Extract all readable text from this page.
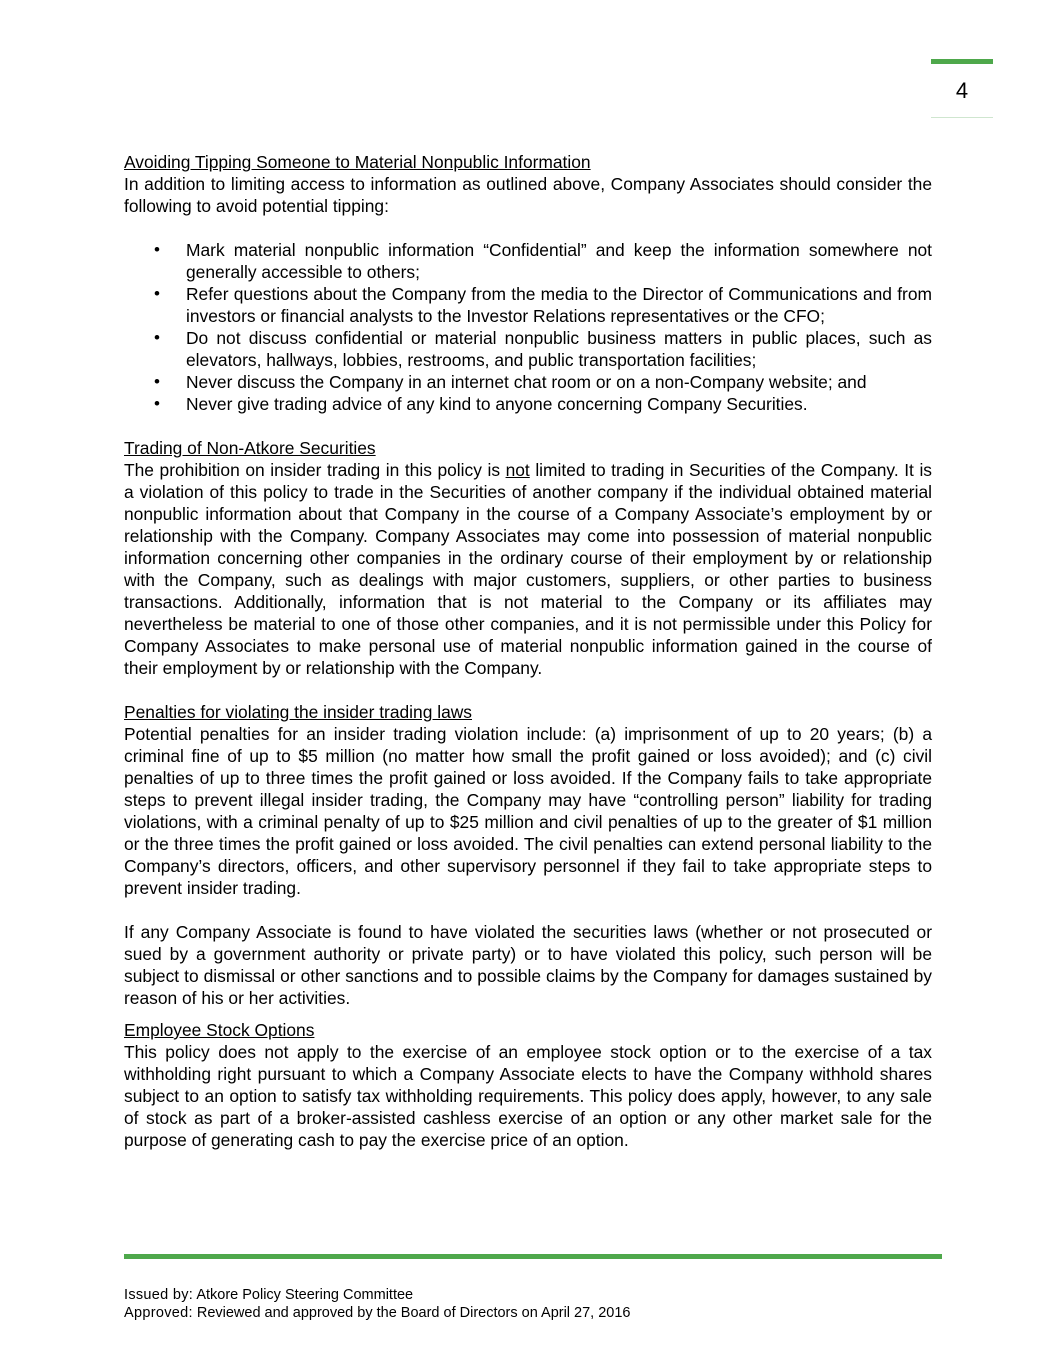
4
Avoiding Tipping Someone to Material Nonpublic Information
In addition to limiting access to information as outlined above, Company Associates should consider the following to avoid potential tipping:
• Mark material nonpublic information “Confidential” and keep the information somewhere not generally accessible to others;
• Refer questions about the Company from the media to the Director of Communications and from investors or financial analysts to the Investor Relations representatives or the CFO;
• Do not discuss confidential or material nonpublic business matters in public places, such as elevators, hallways, lobbies, restrooms, and public transportation facilities;
• Never discuss the Company in an internet chat room or on a non-Company website; and
• Never give trading advice of any kind to anyone concerning Company Securities.
Trading of Non-Atkore Securities
The prohibition on insider trading in this policy is not limited to trading in Securities of the Company. It is a violation of this policy to trade in the Securities of another company if the individual obtained material nonpublic information about that Company in the course of a Company Associate’s employment by or relationship with the Company. Company Associates may come into possession of material nonpublic information concerning other companies in the ordinary course of their employment by or relationship with the Company, such as dealings with major customers, suppliers, or other parties to business transactions. Additionally, information that is not material to the Company or its affiliates may nevertheless be material to one of those other companies, and it is not permissible under this Policy for Company Associates to make personal use of material nonpublic information gained in the course of their employment by or relationship with the Company.
Penalties for violating the insider trading laws
Potential penalties for an insider trading violation include: (a) imprisonment of up to 20 years; (b) a criminal fine of up to $5 million (no matter how small the profit gained or loss avoided); and (c) civil penalties of up to three times the profit gained or loss avoided. If the Company fails to take appropriate steps to prevent illegal insider trading, the Company may have “controlling person” liability for trading violations, with a criminal penalty of up to $25 million and civil penalties of up to the greater of $1 million or the three times the profit gained or loss avoided. The civil penalties can extend personal liability to the Company’s directors, officers, and other supervisory personnel if they fail to take appropriate steps to prevent insider trading.
If any Company Associate is found to have violated the securities laws (whether or not prosecuted or sued by a government authority or private party) or to have violated this policy, such person will be subject to dismissal or other sanctions and to possible claims by the Company for damages sustained by reason of his or her activities.
Employee Stock Options
This policy does not apply to the exercise of an employee stock option or to the exercise of a tax withholding right pursuant to which a Company Associate elects to have the Company withhold shares subject to an option to satisfy tax withholding requirements. This policy does apply, however, to any sale of stock as part of a broker-assisted cashless exercise of an option or any other market sale for the purpose of generating cash to pay the exercise price of an option.
Issued by: Atkore Policy Steering Committee
Approved: Reviewed and approved by the Board of Directors on April 27, 2016
